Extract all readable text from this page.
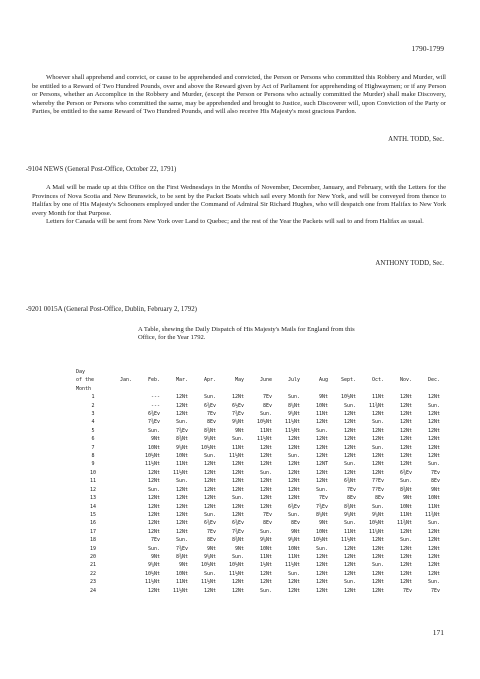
1790-1799

Whoever shall apprehend and convict, or cause to be apprehended and convicted, the Person or Persons who committed this Robbery and Murder, will be entitled to a Reward of Two Hundred Pounds, over and above the Reward given by Act of Parliament for apprehending of Highwaymen; or if any Person or Persons, whether an Accomplice in the Robbery and Murder, (except the Person or Persons who actually committed the Murder) shall make Discovery, whereby the Person or Persons who committed the same, may be apprehended and brought to Justice, such Discoverer will, upon Conviction of the Party or Parties, be entitled to the same Reward of Two Hundred Pounds, and will also receive His Majesty's most gracious Pardon.

ANTH. TODD, Sec.
-9104 NEWS (General Post-Office, October 22, 1791)

A Mail will be made up at this Office on the First Wednesdays in the Months of November, December, January, and February, with the Letters for the Provinces of Nova Scotia and New Brunswick, to be sent by the Packet Boats which sail every Month for New York, and will be conveyed from thence to Halifax by one of His Majesty's Schooners employed under the Command of Admiral Sir Richard Hughes, who will despatch one from Halifax to New York every Month for that Purpose.

Letters for Canada will be sent from New York over Land to Quebec; and the rest of the Year the Packets will sail to and from Halifax as usual.

ANTHONY TODD, Sec.
-9201 0015A (General Post-Office, Dublin, February 2, 1792)
A Table, shewing the Daily Dispatch of His Majesty's Mails for England from this Office, for the Year 1792.
Day												
of the	Jan.	Feb.	Mar.	Apr.	May	June	July	Aug	Sept.	Oct.	Nov.	Dec.
Month												
1		---	12Nt	Sun.	12Nt	7Ev	Sun.	9Nt	10½Nt	11Nt	12Nt	12Nt
2		---	12Nt	6¾Ev	6½Ev	8Ev	8¼Nt	10Nt	Sun.	11¾Nt	12Nt	Sun.
3		6¾Ev	12Nt	7Ev	7¾Ev	Sun.	9¼Nt	11Nt	12Nt	12Nt	12Nt	12Nt
4		7¾Ev	Sun.	8Ev	9¼Nt	10½Nt	11½Nt	12Nt	12Nt	Sun.	12Nt	12Nt
5		Sun.	7¾Ev	8¾Nt	9Nt	11Nt	11½Nt	Sun.	12Nt	12Nt	12Nt	12Nt
6		9Nt	8¾Nt	9¼Nt	Sun.	11½Nt	12Nt	12Nt	12Nt	12Nt	12Nt	12Nt
7		10Nt	9¼Nt	10½Nt	11Nt	12Nt	12Nt	12Nt	12Nt	Sun.	12Nt	12Nt
8		10½Nt	10Nt	Sun.	11½Nt	12Nt	Sun.	12Nt	12Nt	12Nt	12Nt	12Nt
9		11½Nt	11Nt	12Nt	12Nt	12Nt	12Nt	12NT	Sun.	12Nt	12Nt	Sun.
10		12Nt	11½Nt	12Nt	12Nt	Sun.	12Nt	12Nt	12Nt	12Nt	6¾Ev	7Ev
11		12Nt	Sun.	12Nt	12Nt	12Nt	12Nt	12Nt	6¾Nt	7?Ev	Sun.	8Ev
12		Sun.	12Nt	12Nt	12Nt	12Nt	12Nt	Sun.	7Ev	7?Ev	8¾Nt	9Nt
13		12Nt	12Nt	12Nt	Sun.	12Nt	12Nt	7Ev	8Ev	8Ev	9Nt	10Nt
14		12Nt	12Nt	12Nt	12Nt	12Nt	6¾Ev	7¾Ev	8¾Nt	Sun.	10Nt	11Nt
15		12Nt	12Nt	Sun.	12Nt	7Ev	Sun.	8¼Nt	9¼Nt	9¼Nt	11Nt	11¾Nt
16		12Nt	12Nt	6¾Ev	6¾Ev	8Ev	8Ev	9Nt	Sun.	10½Nt	11¾Nt	Sun.
17		12Nt	12Nt	7Ev	7¾Ev	Sun.	9Nt	10Nt	11Nt	11¼Nt	12Nt	12Nt
18		7Ev	Sun.	8Ev	8¾Nt	9¼Nt	9¼Nt	10½Nt	11½Nt	12Nt	Sun.	12Nt
19		Sun.	7¾Ev	9Nt	9Nt	10Nt	10Nt	Sun.	12Nt	12Nt	12Nt	12Nt
20		9Nt	8¾Nt	9¼Nt	Sun.	11Nt	11Nt	12Nt	12Nt	12Nt	12Nt	12Nt
21		9¼Nt	9Nt	10½Nt	10½Nt	1½Nt	11½Nt	12Nt	12Nt	Sun.	12Nt	12Nt
22		10½Nt	10Nt	Sun.	11½Nt	12Nt	Sun.	12Nt	12Nt	12Nt	12Nt	12Nt
23		11½Nt	11Nt	11½Nt	12Nt	12Nt	12Nt	12Nt	Sun.	12Nt	12Nt	Sun.
24		12Nt	11½Nt	12Nt	12Nt	Sun.	12Nt	12Nt	12Nt	12Nt	7Ev	7Ev
171
